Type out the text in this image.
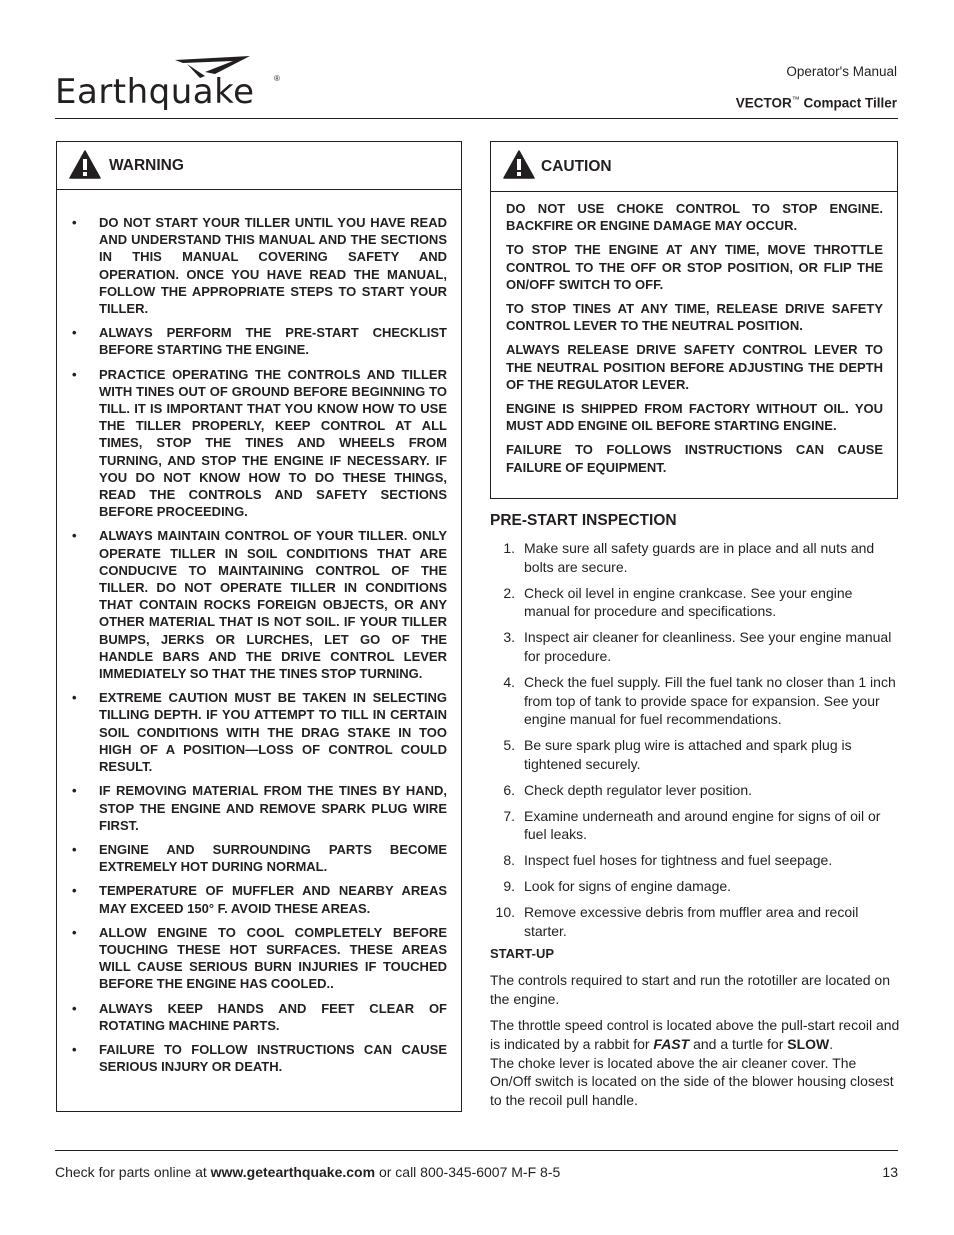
Earthquake ®	Operator's Manual
VECTOR™ Compact Tiller
WARNING
• DO NOT START YOUR TILLER UNTIL YOU HAVE READ AND UNDERSTAND THIS MANUAL AND THE SECTIONS IN THIS MANUAL COVERING SAFETY AND OPERATION. ONCE YOU HAVE READ THE MANUAL, FOLLOW THE APPROPRIATE STEPS TO START YOUR TILLER.
• ALWAYS PERFORM THE PRE-START CHECKLIST BEFORE STARTING THE ENGINE.
• PRACTICE OPERATING THE CONTROLS AND TILLER WITH TINES OUT OF GROUND BEFORE BEGINNING TO TILL. IT IS IMPORTANT THAT YOU KNOW HOW TO USE THE TILLER PROPERLY, KEEP CONTROL AT ALL TIMES, STOP THE TINES AND WHEELS FROM TURNING, AND STOP THE ENGINE IF NECESSARY. IF YOU DO NOT KNOW HOW TO DO THESE THINGS, READ THE CONTROLS AND SAFETY SECTIONS BEFORE PROCEEDING.
• ALWAYS MAINTAIN CONTROL OF YOUR TILLER. ONLY OPERATE TILLER IN SOIL CONDITIONS THAT ARE CONDUCIVE TO MAINTAINING CONTROL OF THE TILLER. DO NOT OPERATE TILLER IN CONDITIONS THAT CONTAIN ROCKS FOREIGN OBJECTS, OR ANY OTHER MATERIAL THAT IS NOT SOIL. IF YOUR TILLER BUMPS, JERKS OR LURCHES, LET GO OF THE HANDLE BARS AND THE DRIVE CONTROL LEVER IMMEDIATELY SO THAT THE TINES STOP TURNING.
• EXTREME CAUTION MUST BE TAKEN IN SELECTING TILLING DEPTH. IF YOU ATTEMPT TO TILL IN CERTAIN SOIL CONDITIONS WITH THE DRAG STAKE IN TOO HIGH OF A POSITION—LOSS OF CONTROL COULD RESULT.
• IF REMOVING MATERIAL FROM THE TINES BY HAND, STOP THE ENGINE AND REMOVE SPARK PLUG WIRE FIRST.
• ENGINE AND SURROUNDING PARTS BECOME EXTREMELY HOT DURING NORMAL.
• TEMPERATURE OF MUFFLER AND NEARBY AREAS MAY EXCEED 150° F. AVOID THESE AREAS.
• ALLOW ENGINE TO COOL COMPLETELY BEFORE TOUCHING THESE HOT SURFACES. THESE AREAS WILL CAUSE SERIOUS BURN INJURIES IF TOUCHED BEFORE THE ENGINE HAS COOLED..
• ALWAYS KEEP HANDS AND FEET CLEAR OF ROTATING MACHINE PARTS.
• FAILURE TO FOLLOW INSTRUCTIONS CAN CAUSE SERIOUS INJURY OR DEATH.
CAUTION

DO NOT USE CHOKE CONTROL TO STOP ENGINE. BACKFIRE OR ENGINE DAMAGE MAY OCCUR.

TO STOP THE ENGINE AT ANY TIME, MOVE THROTTLE CONTROL TO THE OFF OR STOP POSITION, OR FLIP THE ON/OFF SWITCH TO OFF.

TO STOP TINES AT ANY TIME, RELEASE DRIVE SAFETY CONTROL LEVER TO THE NEUTRAL POSITION.

ALWAYS RELEASE DRIVE SAFETY CONTROL LEVER TO THE NEUTRAL POSITION BEFORE ADJUSTING THE DEPTH OF THE REGULATOR LEVER.

ENGINE IS SHIPPED FROM FACTORY WITHOUT OIL. YOU MUST ADD ENGINE OIL BEFORE STARTING ENGINE.

FAILURE TO FOLLOWS INSTRUCTIONS CAN CAUSE FAILURE OF EQUIPMENT.

PRE-START INSPECTION
1. Make sure all safety guards are in place and all nuts and bolts are secure.
2. Check oil level in engine crankcase. See your engine manual for procedure and specifications.
3. Inspect air cleaner for cleanliness. See your engine manual for procedure.
4. Check the fuel supply. Fill the fuel tank no closer than 1 inch from top of tank to provide space for expansion. See your engine manual for fuel recommendations.
5. Be sure spark plug wire is attached and spark plug is tightened securely.
6. Check depth regulator lever position.
7. Examine underneath and around engine for signs of oil or fuel leaks.
8. Inspect fuel hoses for tightness and fuel seepage.
9. Look for signs of engine damage.
10. Remove excessive debris from muffler area and recoil starter.
START-UP

The controls required to start and run the rototiller are located on the engine.

The throttle speed control is located above the pull-start recoil and is indicated by a rabbit for FAST and a turtle for SLOW.
The choke lever is located above the air cleaner cover. The On/Off switch is located on the side of the blower housing closest to the recoil pull handle.

Check for parts online at www.getearthquake.com or call 800-345-6007 M-F 8-5	13
